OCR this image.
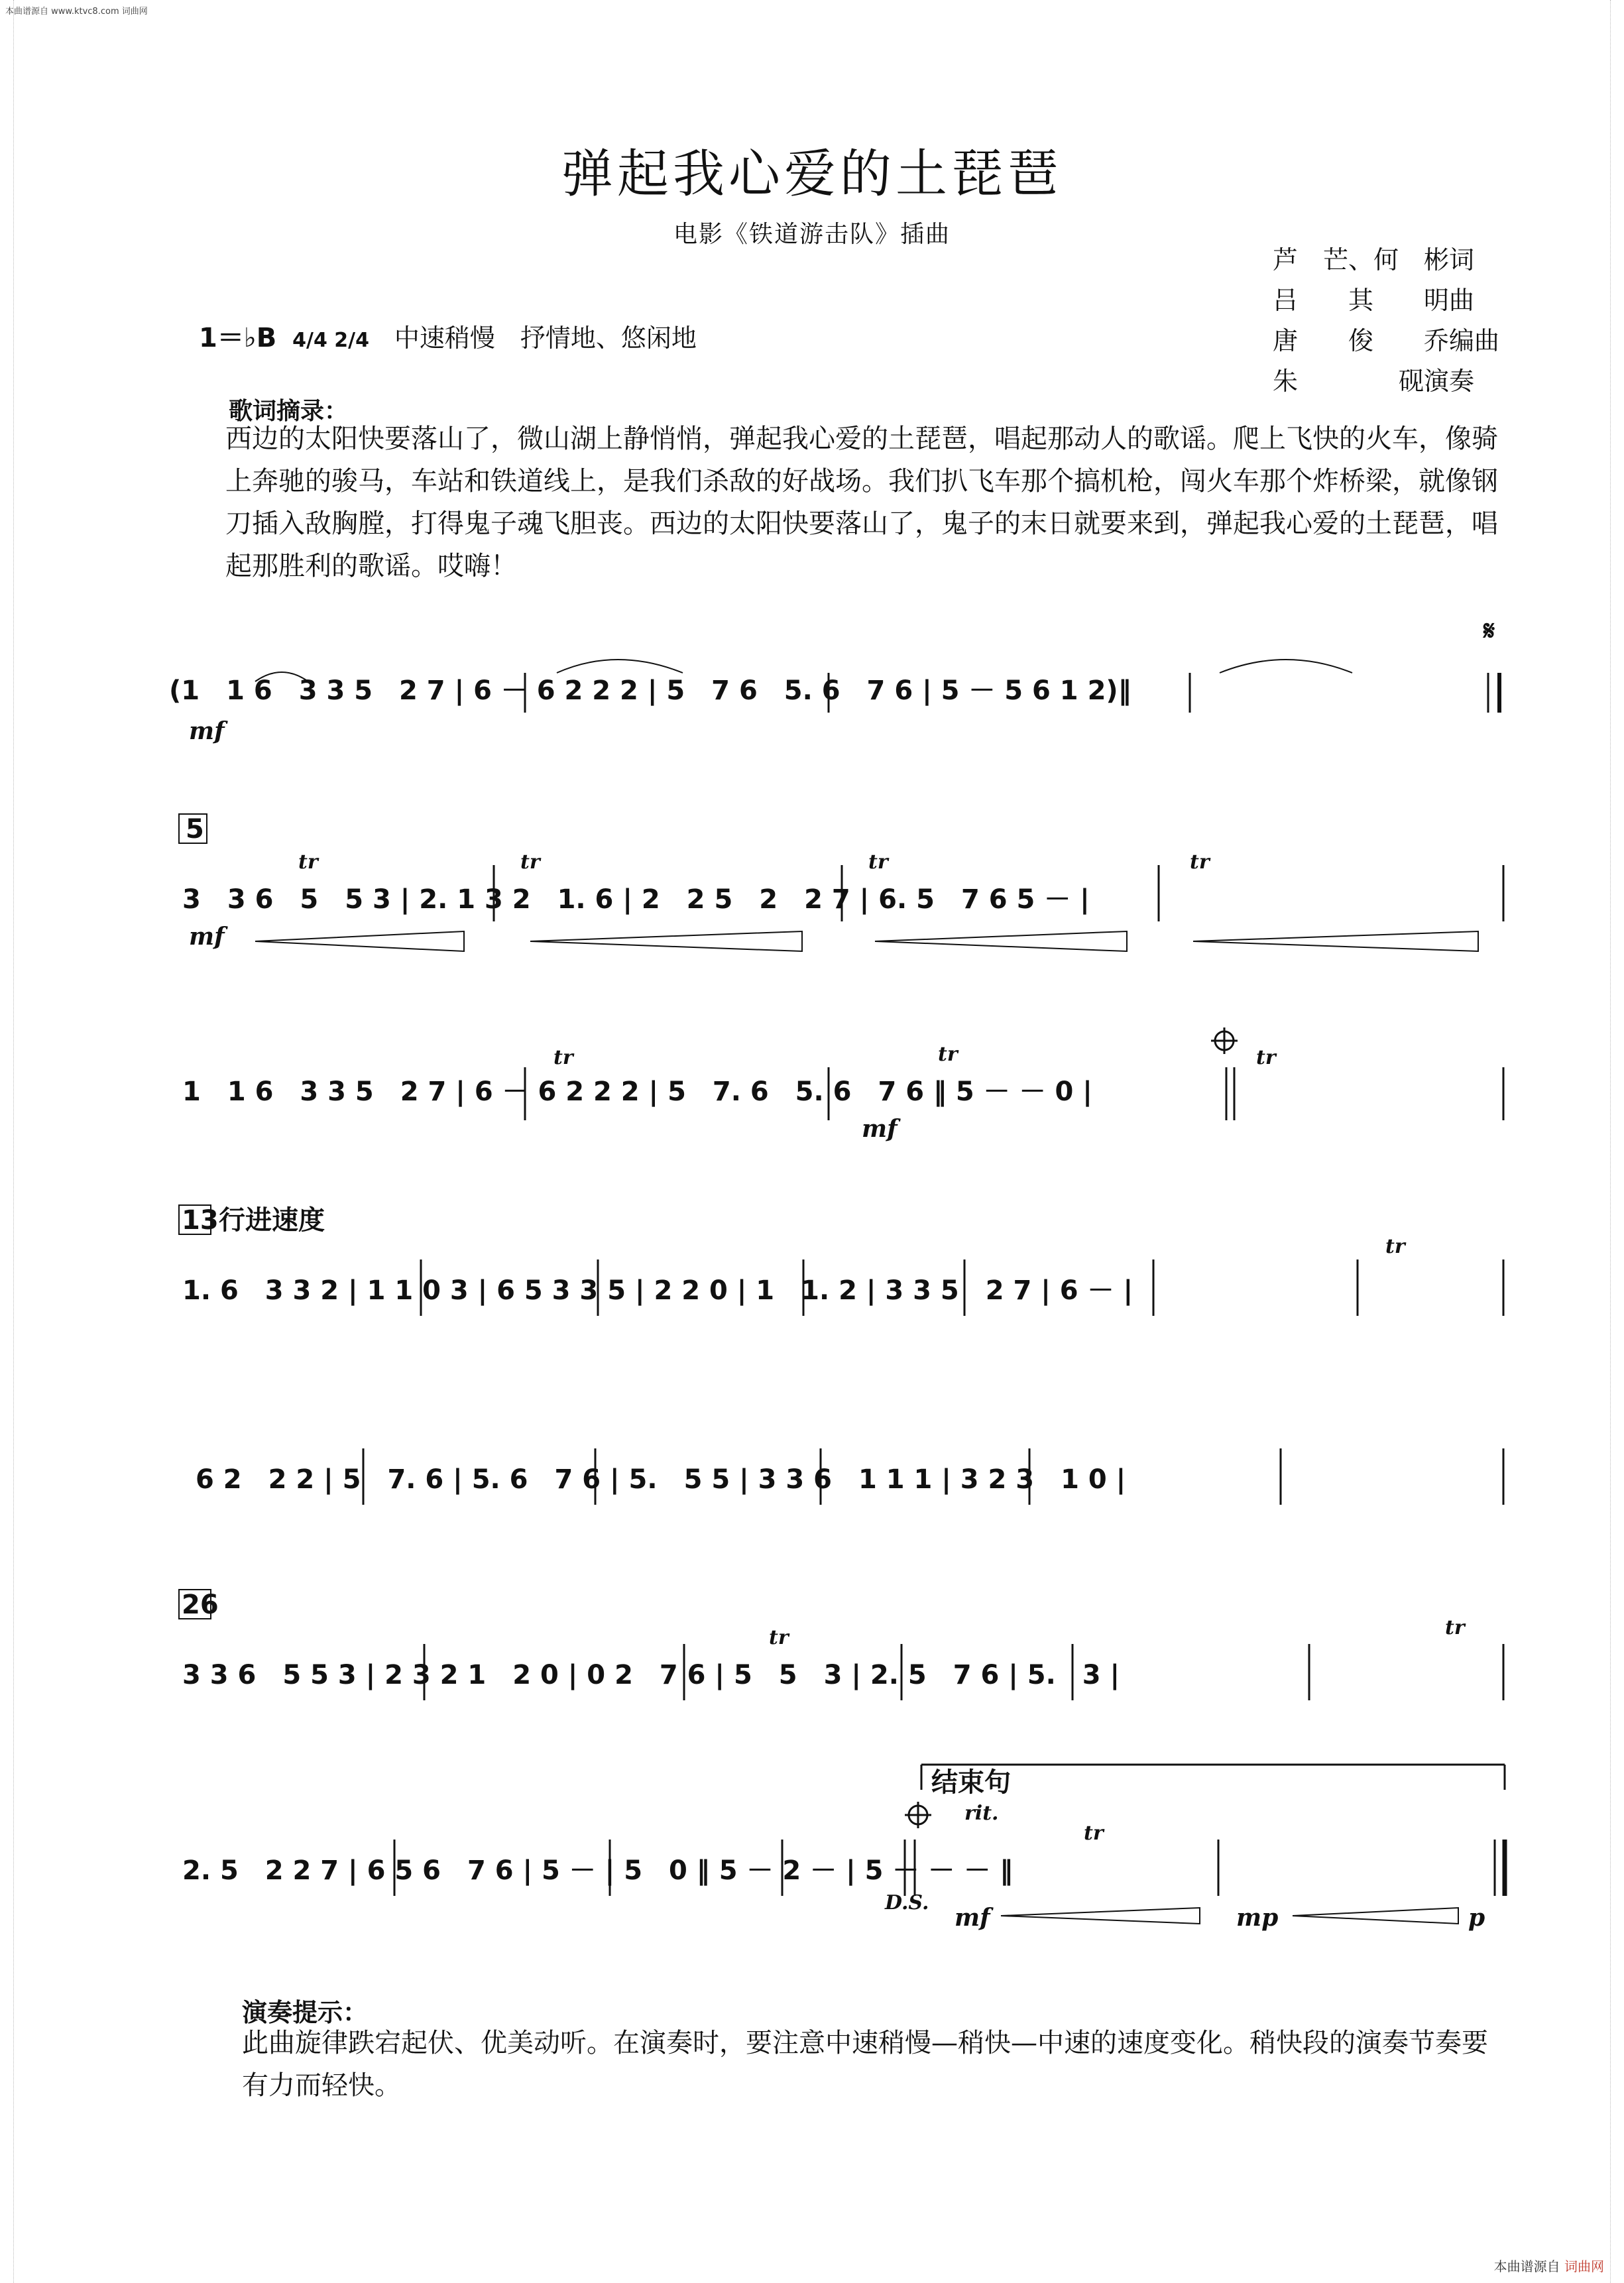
本曲谱源自 www.ktvc8.com 词曲网
弹起我心爱的土琵琶
电影《铁道游击队》插曲
芦　芒、何　彬词
吕　　其　　明曲
唐　　俊　　乔编曲
朱　　　　砚演奏
1＝♭B 4/4 2/4 中速稍慢　抒情地、悠闲地
歌词摘录：
西边的太阳快要落山了，微山湖上静悄悄，弹起我心爱的土琵琶，唱起那动人的歌谣。爬上飞快的火车，像骑上奔驰的骏马，车站和铁道线上，是我们杀敌的好战场。我们扒飞车那个搞机枪，闯火车那个炸桥梁，就像钢刀插入敌胸膛，打得鬼子魂飞胆丧。西边的太阳快要落山了，鬼子的末日就要来到，弹起我心爱的土琵琶，唱起那胜利的歌谣。哎嗨！
(1　1 6　3 3 5　2 7 | 6 － 6 2 2 2 | 5　7 6　5. 6　7 6 | 5 － 5 6 1 2)‖
𝄋
5
3　3 6　5　5 3 | 2. 1 3 2　1. 6 | 2　2 5　2　2 7 | 6. 5　7 6 5 － |
1　1 6　3 3 5　2 7 | 6 － 6 2 2 2 | 5　7. 6　5. 6　7 6 ‖ 5 － － 0 |
13 行进速度
1. 6　3 3 2 | 1 1 0 3 | 6 5 3 3 5 | 2 2 0 | 1　1. 2 | 3 3 5　2 7 | 6 － |
6 2　2 2 | 5　7. 6 | 5. 6　7 6 | 5.　5 5 | 3 3 6　1 1 1 | 3 2 3　1 0 |
26
3 3 6　5 5 3 | 2 3 2 1　2 0 | 0 2　7 6 | 5　5　3 | 2. 5　7 6 | 5.　3 |
结束句
2. 5　2 2 7 | 6 5 6　7 6 | 5 － | 5　0 ‖ 5 － 2 － | 5 － － － ‖
mf
mf
mf
mf	mp	p
rit.
D.S.
tr	tr	tr	tr
tr	tr	tr
tr
tr	tr
tr
演奏提示：
此曲旋律跌宕起伏、优美动听。在演奏时，要注意中速稍慢—稍快—中速的速度变化。稍快段的演奏节奏要有力而轻快。
本曲谱源自 词曲网
